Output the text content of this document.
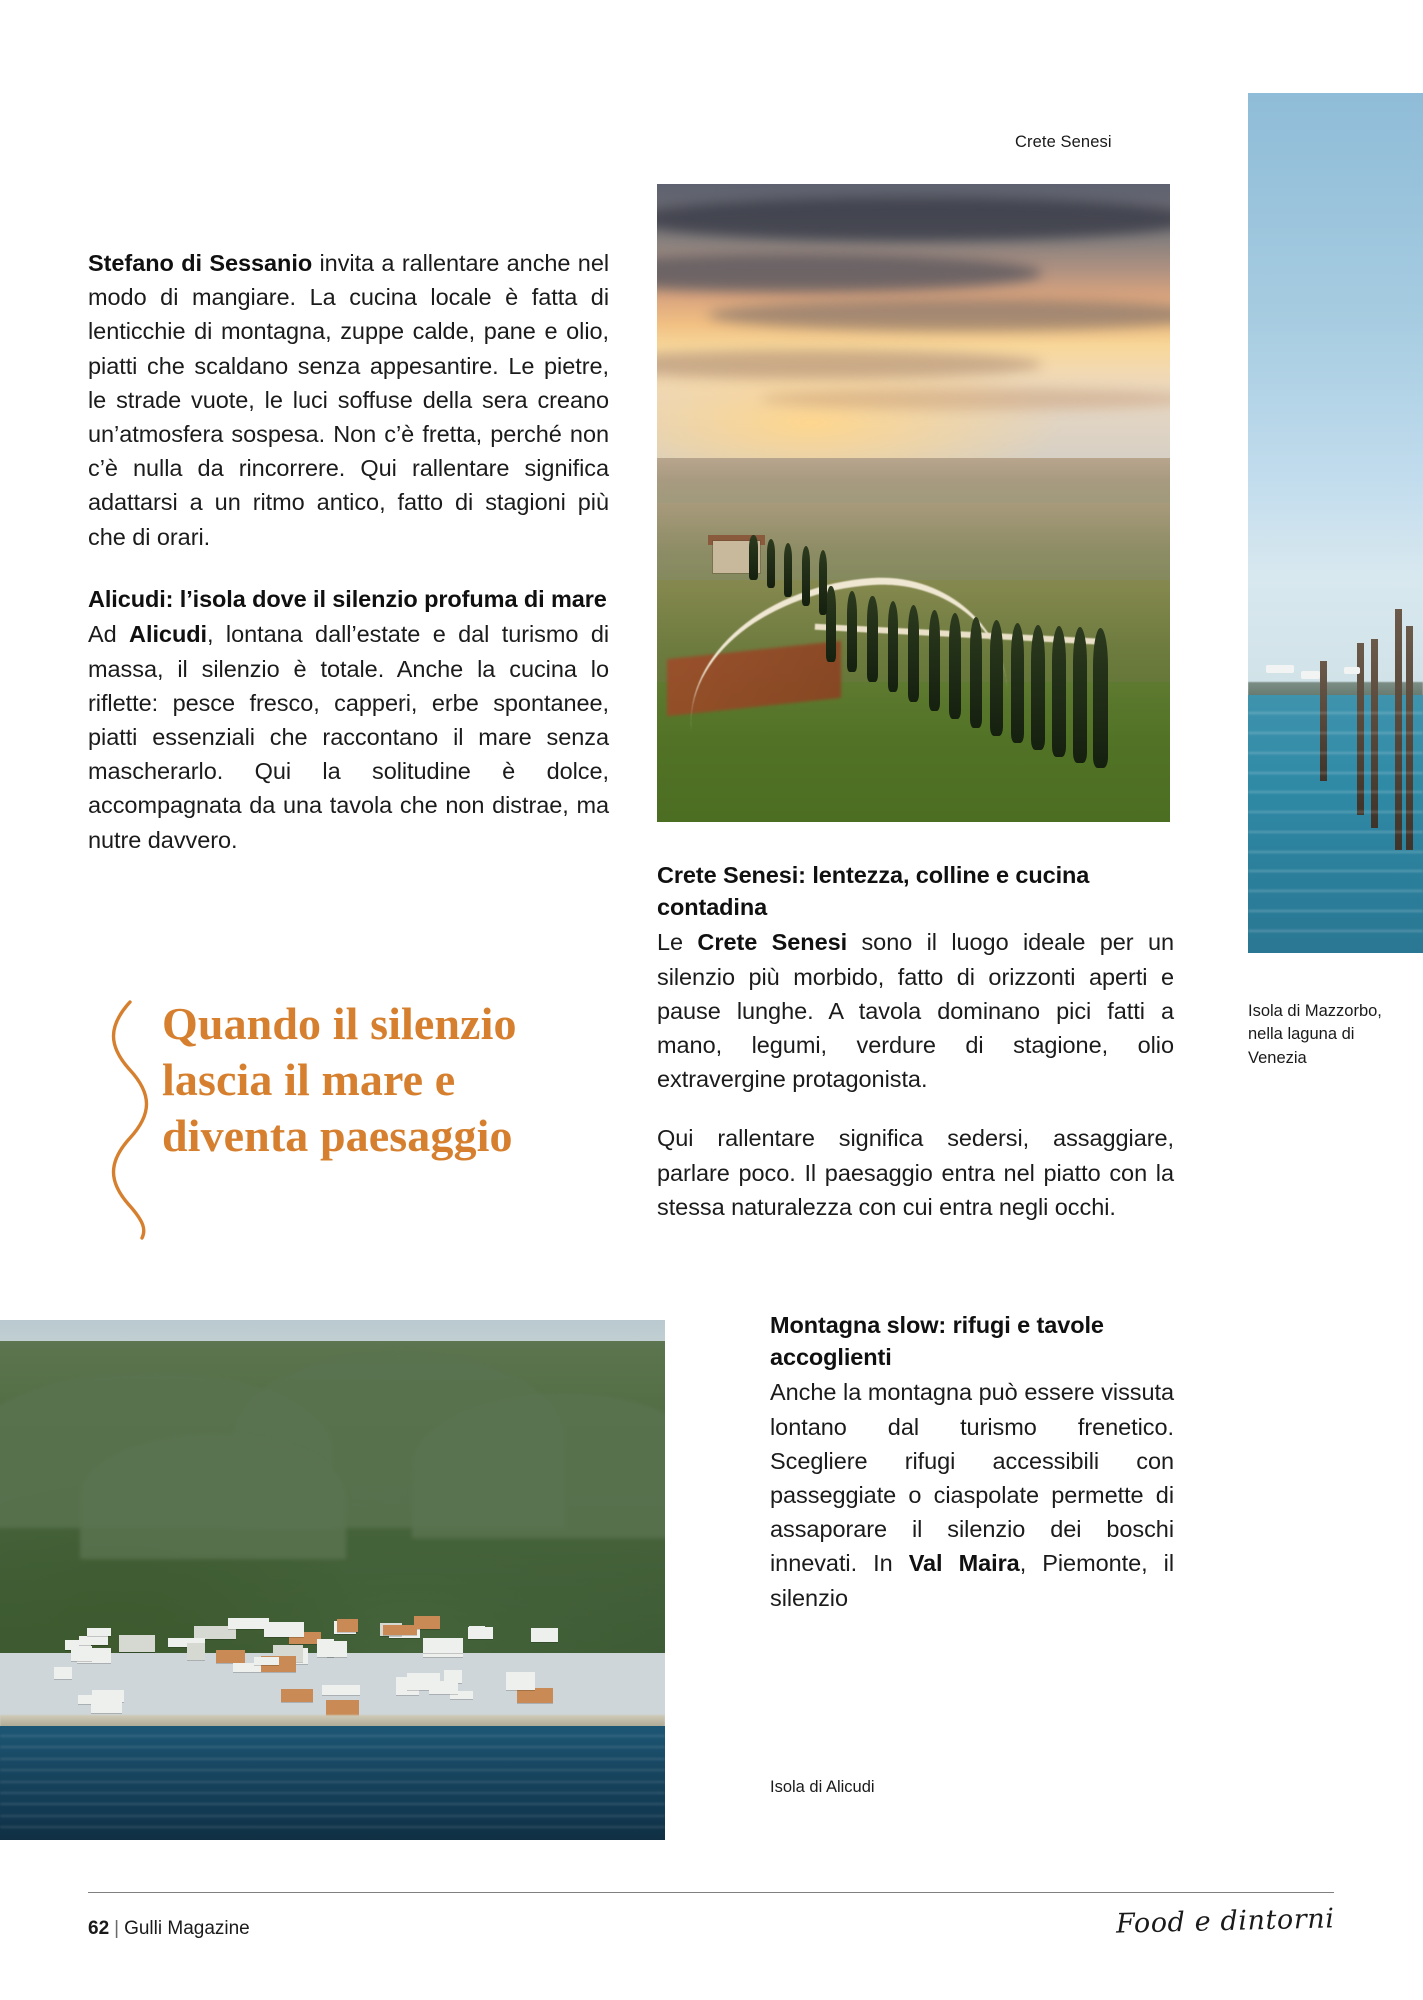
Crete Senesi

Stefano di Sessanio invita a rallentare anche nel modo di mangiare. La cucina locale è fatta di lenticchie di montagna, zuppe calde, pane e olio, piatti che scaldano senza appesantire. Le pietre, le strade vuote, le luci soffuse della sera creano un’atmosfera sospesa. Non c’è fretta, perché non c’è nulla da rincorrere. Qui rallentare significa adattarsi a un ritmo antico, fatto di stagioni più che di orari.

Alicudi: l’isola dove il silenzio profuma di mare

Ad Alicudi, lontana dall’estate e dal turismo di massa, il silenzio è totale. Anche la cucina lo riflette: pesce fresco, capperi, erbe spontanee, piatti essenziali che raccontano il mare senza mascherarlo. Qui la solitudine è dolce, accompagnata da una tavola che non distrae, ma nutre davvero.

Quando il silenzio lascia il mare e diventa paesaggio
Crete Senesi: lentezza, colline e cucina contadina

Le Crete Senesi sono il luogo ideale per un silenzio più morbido, fatto di orizzonti aperti e pause lunghe. A tavola dominano pici fatti a mano, legumi, verdure di stagione, olio extravergine protagonista.

Qui rallentare significa sedersi, assaggiare, parlare poco. Il paesaggio entra nel piatto con la stessa naturalezza con cui entra negli occhi.

Montagna slow: rifugi e tavole accoglienti

Anche la montagna può essere vissuta lontano dal turismo frenetico. Scegliere rifugi accessibili con passeggiate o ciaspolate permette di assaporare il silenzio dei boschi innevati. In Val Maira, Piemonte, il silenzio

Isola di Mazzorbo, nella laguna di Venezia
Isola di Alicudi
62 | Gulli Magazine	Food e dintorni
